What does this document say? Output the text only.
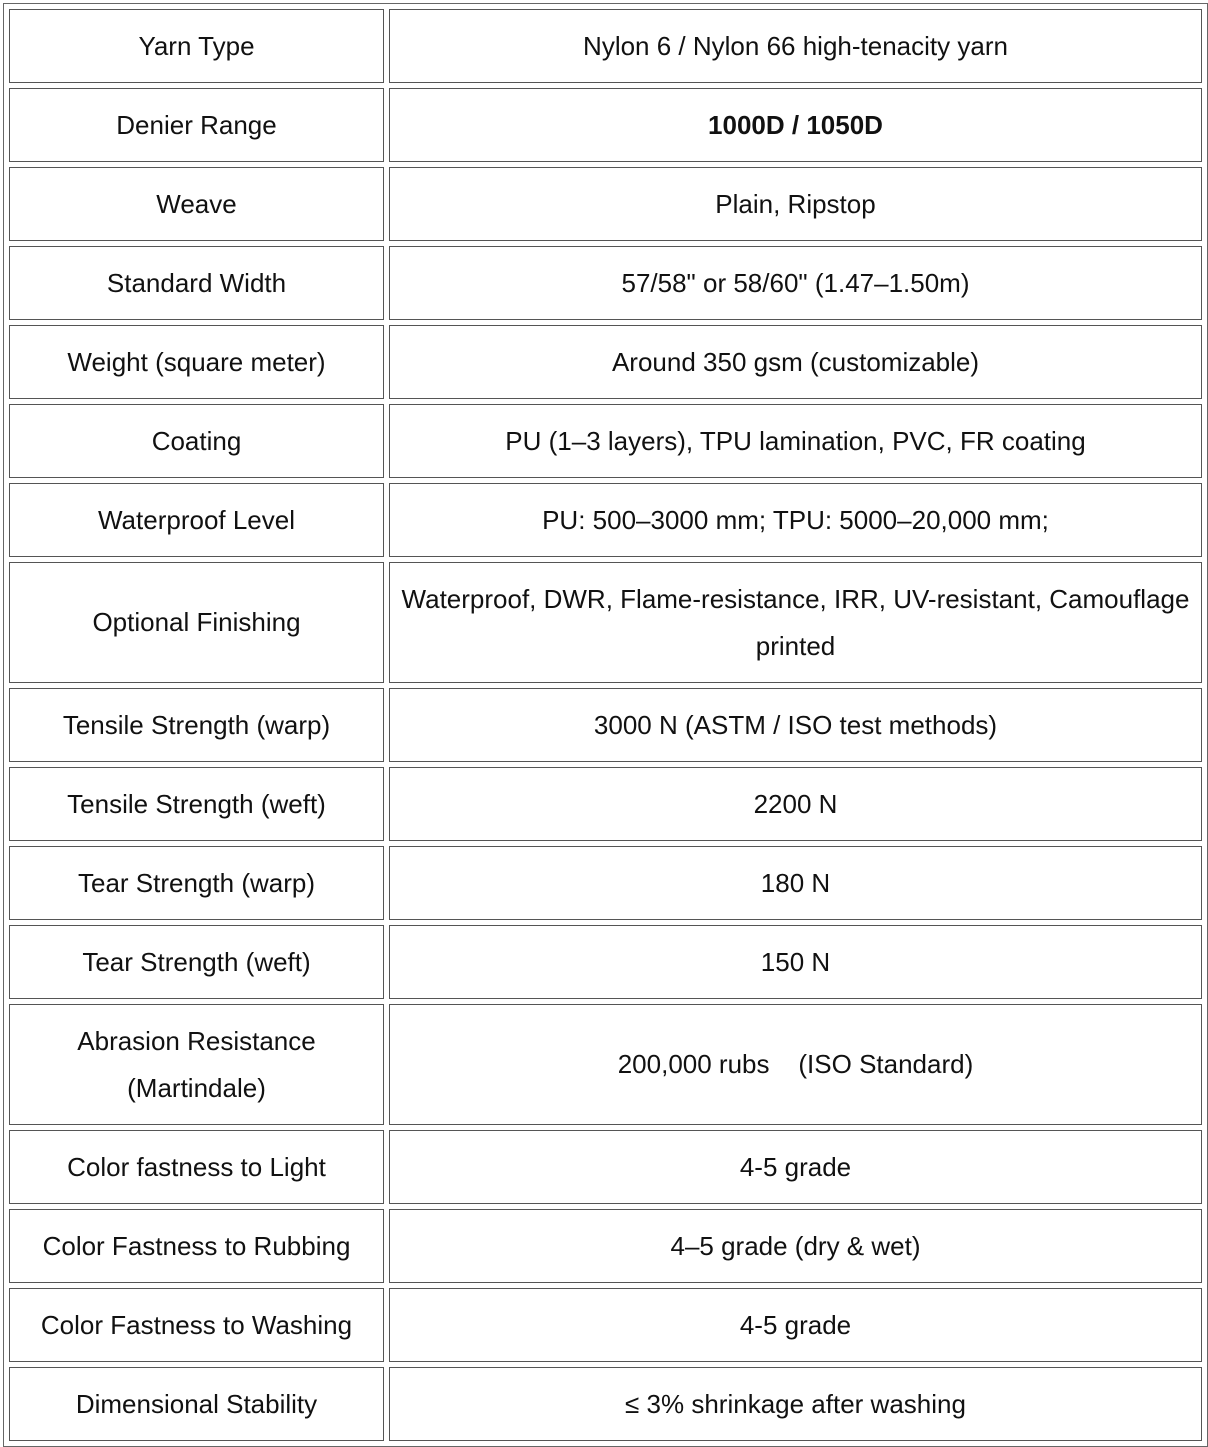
Yarn Type	Nylon 6 / Nylon 66 high-tenacity yarn
Denier Range	1000D / 1050D
Weave	Plain, Ripstop
Standard Width	57/58" or 58/60" (1.47–1.50m)
Weight (square meter)	Around 350 gsm (customizable)
Coating	PU (1–3 layers), TPU lamination, PVC, FR coating
Waterproof Level	PU: 500–3000 mm; TPU: 5000–20,000 mm;
Optional Finishing	Waterproof, DWR, Flame-resistance, IRR, UV-resistant, Camouflage printed
Tensile Strength (warp)	3000 N (ASTM / ISO test methods)
Tensile Strength (weft)	2200 N
Tear Strength (warp)	180 N
Tear Strength (weft)	150 N
Abrasion Resistance (Martindale)	200,000 rubs    (ISO Standard)
Color fastness to Light	4-5 grade
Color Fastness to Rubbing	4–5 grade (dry & wet)
Color Fastness to Washing	4-5 grade
Dimensional Stability	≤ 3% shrinkage after washing
